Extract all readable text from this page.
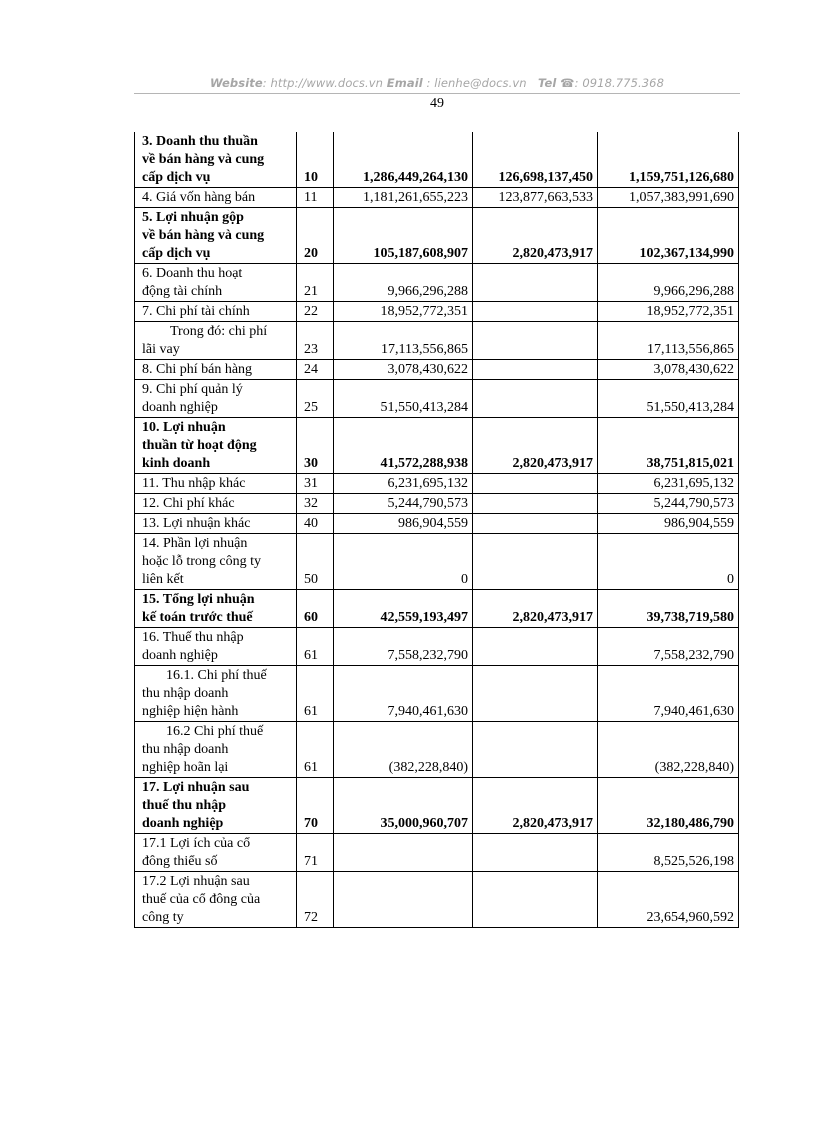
Website: http://www.docs.vn Email : lienhe@docs.vn Tel ☎: 0918.775.368
49
3. Doanh thu thuần
về bán hàng và cung
cấp dịch vụ	10	1,286,449,264,130	126,698,137,450	1,159,751,126,680

4. Giá vốn hàng bán	11	1,181,261,655,223	123,877,663,533	1,057,383,991,690

5. Lợi nhuận gộp
về bán hàng và cung
cấp dịch vụ	20	105,187,608,907	2,820,473,917	102,367,134,990

6. Doanh thu hoạt
động tài chính	21	9,966,296,288		9,966,296,288

7. Chi phí tài chính	22	18,952,772,351		18,952,772,351

Trong đó: chi phí
lãi vay	23	17,113,556,865		17,113,556,865

8. Chi phí bán hàng	24	3,078,430,622		3,078,430,622

9. Chi phí quản lý
doanh nghiệp	25	51,550,413,284		51,550,413,284

10. Lợi nhuận
thuần từ hoạt động
kinh doanh	30	41,572,288,938	2,820,473,917	38,751,815,021

11. Thu nhập khác	31	6,231,695,132		6,231,695,132

12. Chi phí khác	32	5,244,790,573		5,244,790,573

13. Lợi nhuận khác	40	986,904,559		986,904,559

14. Phần lợi nhuận
hoặc lỗ trong công ty
liên kết	50	0		0

15. Tổng lợi nhuận
kế toán trước thuế	60	42,559,193,497	2,820,473,917	39,738,719,580

16. Thuế thu nhập
doanh nghiệp	61	7,558,232,790		7,558,232,790

16.1. Chi phí thuế
thu nhập doanh
nghiệp hiện hành	61	7,940,461,630		7,940,461,630

16.2 Chi phí thuế
thu nhập doanh
nghiệp hoãn lại	61	(382,228,840)		(382,228,840)

17. Lợi nhuận sau
thuế thu nhập
doanh nghiệp	70	35,000,960,707	2,820,473,917	32,180,486,790

17.1 Lợi ích của cổ
đông thiểu số	71			8,525,526,198

17.2 Lợi nhuận sau
thuế của cổ đông của
công ty	72			23,654,960,592
